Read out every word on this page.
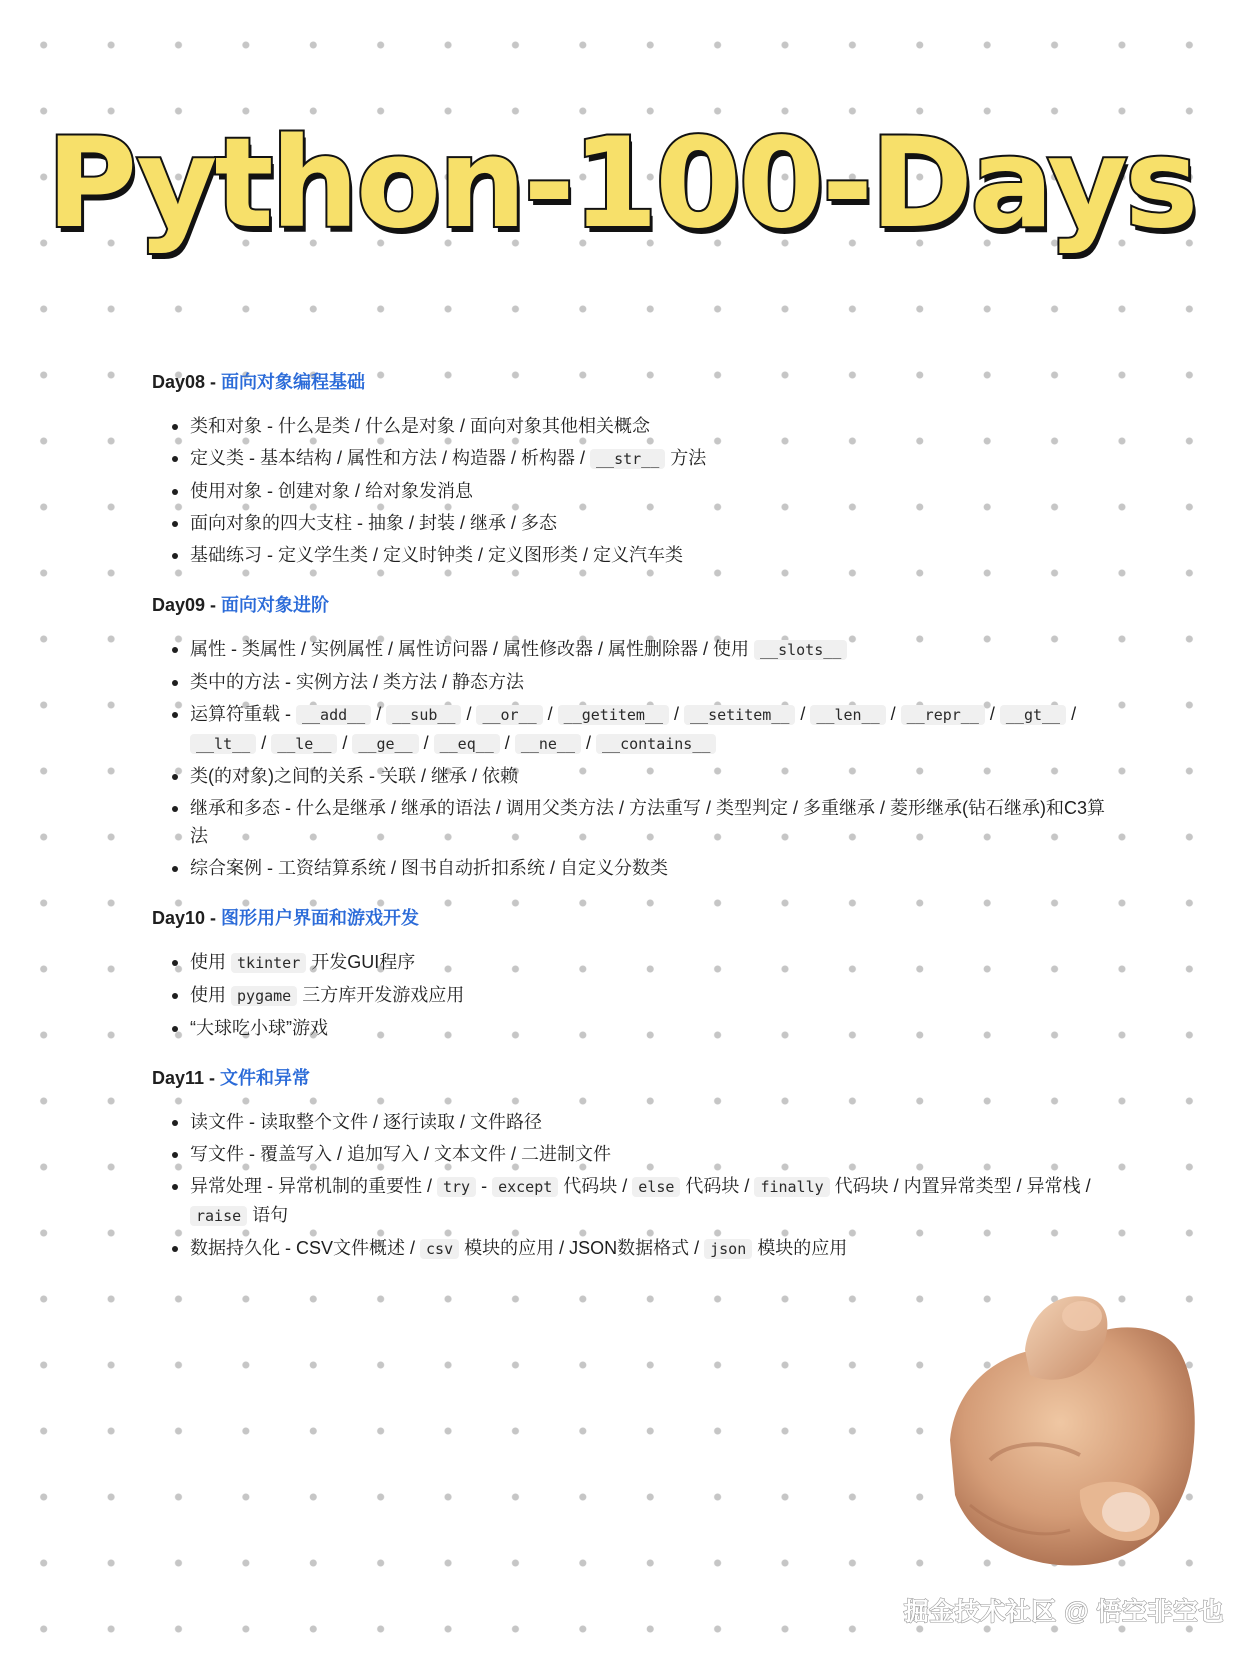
Python-100-Days
Day08 - 面向对象编程基础
类和对象 - 什么是类 / 什么是对象 / 面向对象其他相关概念
定义类 - 基本结构 / 属性和方法 / 构造器 / 析构器 / __str__ 方法
使用对象 - 创建对象 / 给对象发消息
面向对象的四大支柱 - 抽象 / 封装 / 继承 / 多态
基础练习 - 定义学生类 / 定义时钟类 / 定义图形类 / 定义汽车类
Day09 - 面向对象进阶
属性 - 类属性 / 实例属性 / 属性访问器 / 属性修改器 / 属性删除器 / 使用 __slots__
类中的方法 - 实例方法 / 类方法 / 静态方法
运算符重载 - __add__ / __sub__ / __or__ / __getitem__ / __setitem__ / __len__ / __repr__ / __gt__ / __lt__ / __le__ / __ge__ / __eq__ / __ne__ / __contains__
类(的对象)之间的关系 - 关联 / 继承 / 依赖
继承和多态 - 什么是继承 / 继承的语法 / 调用父类方法 / 方法重写 / 类型判定 / 多重继承 / 菱形继承(钻石继承)和C3算法
综合案例 - 工资结算系统 / 图书自动折扣系统 / 自定义分数类
Day10 - 图形用户界面和游戏开发
使用 tkinter 开发GUI程序
使用 pygame 三方库开发游戏应用
“大球吃小球”游戏
Day11 - 文件和异常
读文件 - 读取整个文件 / 逐行读取 / 文件路径
写文件 - 覆盖写入 / 追加写入 / 文本文件 / 二进制文件
异常处理 - 异常机制的重要性 / try - except 代码块 / else 代码块 / finally 代码块 / 内置异常类型 / 异常栈 / raise 语句
数据持久化 - CSV文件概述 / csv 模块的应用 / JSON数据格式 / json 模块的应用
掘金技术社区 @ 悟空非空也
